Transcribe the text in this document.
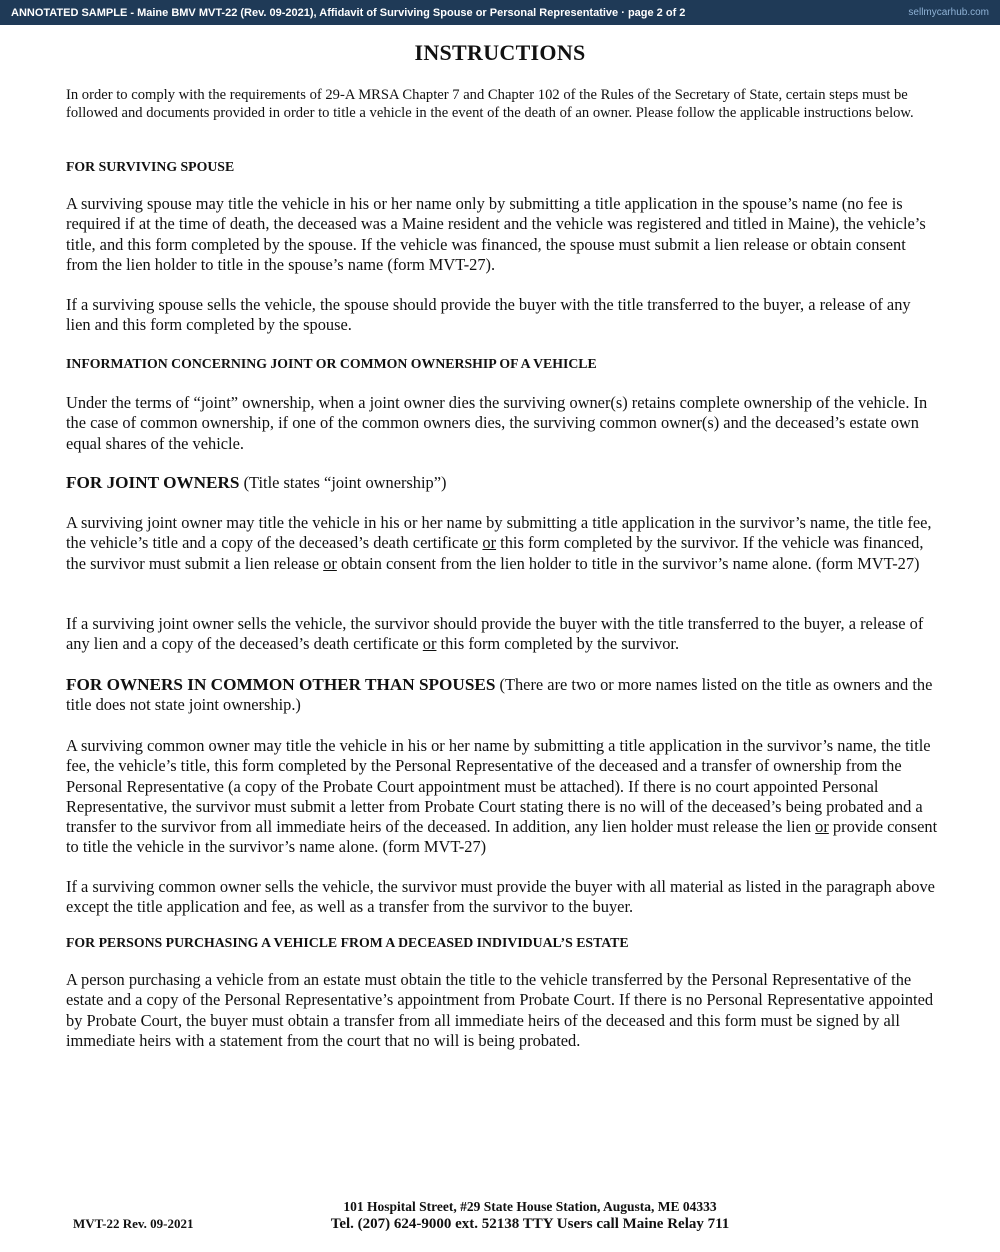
ANNOTATED SAMPLE - Maine BMV MVT-22 (Rev. 09-2021), Affidavit of Surviving Spouse or Personal Representative · page 2 of 2	sellmycarhub.com
INSTRUCTIONS

In order to comply with the requirements of 29-A MRSA Chapter 7 and Chapter 102 of the Rules of the Secretary of State, certain steps must be followed and documents provided in order to title a vehicle in the event of the death of an owner. Please follow the applicable instructions below.

FOR SURVIVING SPOUSE

A surviving spouse may title the vehicle in his or her name only by submitting a title application in the spouse’s name (no fee is required if at the time of death, the deceased was a Maine resident and the vehicle was registered and titled in Maine), the vehicle’s title, and this form completed by the spouse. If the vehicle was financed, the spouse must submit a lien release or obtain consent from the lien holder to title in the spouse’s name (form MVT-27).

If a surviving spouse sells the vehicle, the spouse should provide the buyer with the title transferred to the buyer, a release of any lien and this form completed by the spouse.

INFORMATION CONCERNING JOINT OR COMMON OWNERSHIP OF A VEHICLE

Under the terms of “joint” ownership, when a joint owner dies the surviving owner(s) retains complete ownership of the vehicle. In the case of common ownership, if one of the common owners dies, the surviving common owner(s) and the deceased’s estate own equal shares of the vehicle.

FOR JOINT OWNERS (Title states “joint ownership”)

A surviving joint owner may title the vehicle in his or her name by submitting a title application in the survivor’s name, the title fee, the vehicle’s title and a copy of the deceased’s death certificate or this form completed by the survivor. If the vehicle was financed, the survivor must submit a lien release or obtain consent from the lien holder to title in the survivor’s name alone. (form MVT-27)

If a surviving joint owner sells the vehicle, the survivor should provide the buyer with the title transferred to the buyer, a release of any lien and a copy of the deceased’s death certificate or this form completed by the survivor.

FOR OWNERS IN COMMON OTHER THAN SPOUSES (There are two or more names listed on the title as owners and the title does not state joint ownership.)

A surviving common owner may title the vehicle in his or her name by submitting a title application in the survivor’s name, the title fee, the vehicle’s title, this form completed by the Personal Representative of the deceased and a transfer of ownership from the Personal Representative (a copy of the Probate Court appointment must be attached). If there is no court appointed Personal Representative, the survivor must submit a letter from Probate Court stating there is no will of the deceased’s being probated and a transfer to the survivor from all immediate heirs of the deceased. In addition, any lien holder must release the lien or provide consent to title the vehicle in the survivor’s name alone. (form MVT-27)

If a surviving common owner sells the vehicle, the survivor must provide the buyer with all material as listed in the paragraph above except the title application and fee, as well as a transfer from the survivor to the buyer.

FOR PERSONS PURCHASING A VEHICLE FROM A DECEASED INDIVIDUAL’S ESTATE

A person purchasing a vehicle from an estate must obtain the title to the vehicle transferred by the Personal Representative of the estate and a copy of the Personal Representative’s appointment from Probate Court. If there is no Personal Representative appointed by Probate Court, the buyer must obtain a transfer from all immediate heirs of the deceased and this form must be signed by all immediate heirs with a statement from the court that no will is being probated.

MVT-22 Rev. 09-2021
101 Hospital Street, #29 State House Station, Augusta, ME 04333
Tel. (207) 624-9000 ext. 52138 TTY Users call Maine Relay 711
